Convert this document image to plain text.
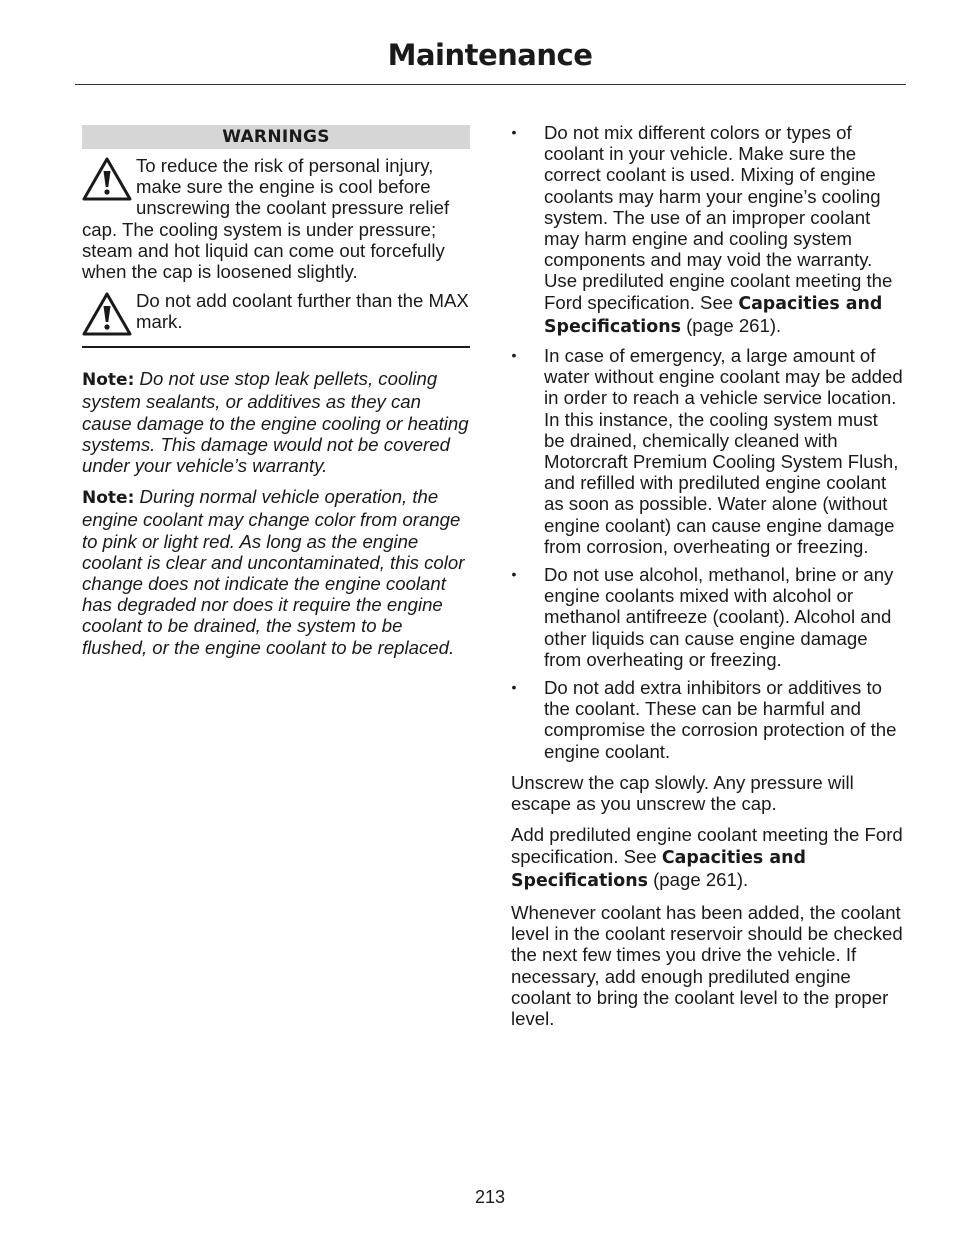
Maintenance
WARNINGS
To reduce the risk of personal injury, make sure the engine is cool before unscrewing the coolant pressure relief cap. The cooling system is under pressure; steam and hot liquid can come out forcefully when the cap is loosened slightly.
Do not add coolant further than the MAX mark.
Note: Do not use stop leak pellets, cooling system sealants, or additives as they can cause damage to the engine cooling or heating systems. This damage would not be covered under your vehicle’s warranty.
Note: During normal vehicle operation, the engine coolant may change color from orange to pink or light red. As long as the engine coolant is clear and uncontaminated, this color change does not indicate the engine coolant has degraded nor does it require the engine coolant to be drained, the system to be flushed, or the engine coolant to be replaced.
• Do not mix different colors or types of coolant in your vehicle. Make sure the correct coolant is used. Mixing of engine coolants may harm your engine’s cooling system. The use of an improper coolant may harm engine and cooling system components and may void the warranty. Use prediluted engine coolant meeting the Ford specification. See Capacities and Specifications (page 261).
• In case of emergency, a large amount of water without engine coolant may be added in order to reach a vehicle service location. In this instance, the cooling system must be drained, chemically cleaned with Motorcraft Premium Cooling System Flush, and refilled with prediluted engine coolant as soon as possible. Water alone (without engine coolant) can cause engine damage from corrosion, overheating or freezing.
• Do not use alcohol, methanol, brine or any engine coolants mixed with alcohol or methanol antifreeze (coolant). Alcohol and other liquids can cause engine damage from overheating or freezing.
• Do not add extra inhibitors or additives to the coolant. These can be harmful and compromise the corrosion protection of the engine coolant.
Unscrew the cap slowly. Any pressure will escape as you unscrew the cap.
Add prediluted engine coolant meeting the Ford specification. See Capacities and Specifications (page 261).
Whenever coolant has been added, the coolant level in the coolant reservoir should be checked the next few times you drive the vehicle. If necessary, add enough prediluted engine coolant to bring the coolant level to the proper level.
213
